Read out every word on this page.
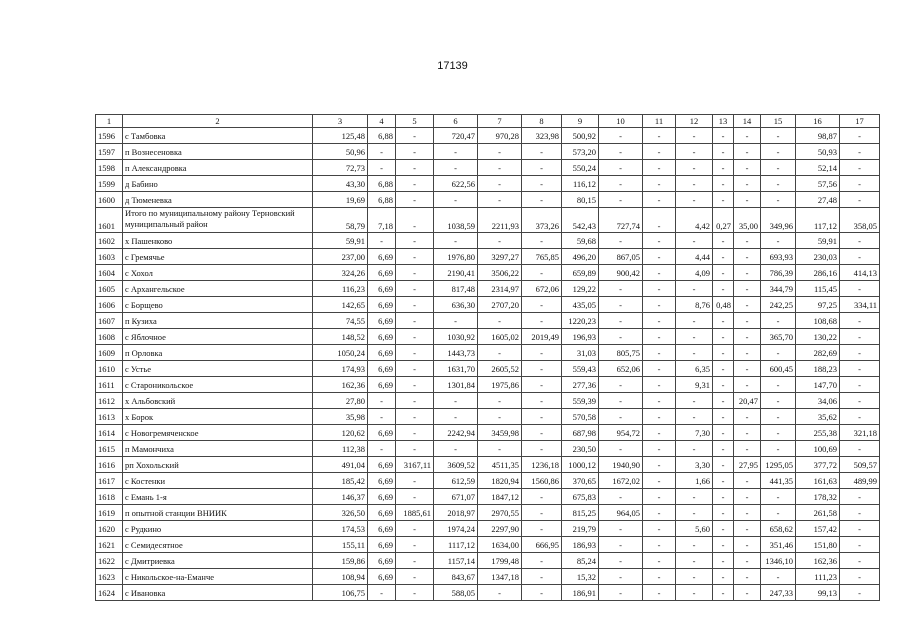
17139
1	2	3	4	5	6	7	8	9	10	11	12	13	14	15	16	17
1596	с Тамбовка	125,48	6,88	-	720,47	970,28	323,98	500,92	-	-	-	-	-	-	98,87	-
1597	п Вознесеновка	50,96	-	-	-	-	-	573,20	-	-	-	-	-	-	50,93	-
1598	п Александровка	72,73	-	-	-	-	-	550,24	-	-	-	-	-	-	52,14	-
1599	д Бабино	43,30	6,88	-	622,56	-	-	116,12	-	-	-	-	-	-	57,56	-
1600	д Тюменевка	19,69	6,88	-	-	-	-	80,15	-	-	-	-	-	-	27,48	-
1601	Итого по муниципальному району Терновский муниципальный район	58,79	7,18	-	1038,59	2211,93	373,26	542,43	727,74	-	4,42	0,27	35,00	349,96	117,12	358,05
1602	х Пашенково	59,91	-	-	-	-	-	59,68	-	-	-	-	-	-	59,91	-
1603	с Гремячье	237,00	6,69	-	1976,80	3297,27	765,85	496,20	867,05	-	4,44	-	-	693,93	230,03	-
1604	с Хохол	324,26	6,69	-	2190,41	3506,22	-	659,89	900,42	-	4,09	-	-	786,39	286,16	414,13
1605	с Архангельское	116,23	6,69	-	817,48	2314,97	672,06	129,22	-	-	-	-	-	344,79	115,45	-
1606	с Борщево	142,65	6,69	-	636,30	2707,20	-	435,05	-	-	8,76	0,48	-	242,25	97,25	334,11
1607	п Кузиха	74,55	6,69	-	-	-	-	1220,23	-	-	-	-	-	-	108,68	-
1608	с Яблочное	148,52	6,69	-	1030,92	1605,02	2019,49	196,93	-	-	-	-	-	365,70	130,22	-
1609	п Орловка	1050,24	6,69	-	1443,73	-	-	31,03	805,75	-	-	-	-	-	282,69	-
1610	с Устье	174,93	6,69	-	1631,70	2605,52	-	559,43	652,06	-	6,35	-	-	600,45	188,23	-
1611	с Староникольское	162,36	6,69	-	1301,84	1975,86	-	277,36	-	-	9,31	-	-	-	147,70	-
1612	х Альбовский	27,80	-	-	-	-	-	559,39	-	-	-	-	20,47	-	34,06	-
1613	х Борок	35,98	-	-	-	-	-	570,58	-	-	-	-	-	-	35,62	-
1614	с Новогремяченское	120,62	6,69	-	2242,94	3459,98	-	687,98	954,72	-	7,30	-	-	-	255,38	321,18
1615	п Мамончиха	112,38	-	-	-	-	-	230,50	-	-	-	-	-	-	100,69	-
1616	рп Хохольский	491,04	6,69	3167,11	3609,52	4511,35	1236,18	1000,12	1940,90	-	3,30	-	27,95	1295,05	377,72	509,57
1617	с Костенки	185,42	6,69	-	612,59	1820,94	1560,86	370,65	1672,02	-	1,66	-	-	441,35	161,63	489,99
1618	с Емань 1-я	146,37	6,69	-	671,07	1847,12	-	675,83	-	-	-	-	-	-	178,32	-
1619	п опытной станции ВНИИК	326,50	6,69	1885,61	2018,97	2970,55	-	815,25	964,05	-	-	-	-	-	261,58	-
1620	с Рудкино	174,53	6,69	-	1974,24	2297,90	-	219,79	-	-	5,60	-	-	658,62	157,42	-
1621	с Семидесятное	155,11	6,69	-	1117,12	1634,00	666,95	186,93	-	-	-	-	-	351,46	151,80	-
1622	с Дмитриевка	159,86	6,69	-	1157,14	1799,48	-	85,24	-	-	-	-	-	1346,10	162,36	-
1623	с Никольское-на-Еманче	108,94	6,69	-	843,67	1347,18	-	15,32	-	-	-	-	-	-	111,23	-
1624	с Ивановка	106,75	-	-	588,05	-	-	186,91	-	-	-	-	-	247,33	99,13	-
